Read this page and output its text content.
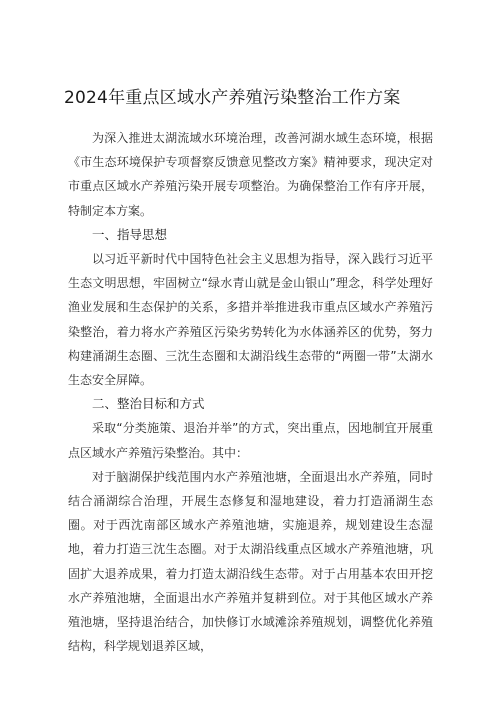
2024年重点区域水产养殖污染整治工作方案

为深入推进太湖流域水环境治理，改善河湖水域生态环境，根据《市生态环境保护专项督察反馈意见整改方案》精神要求，现决定对市重点区域水产养殖污染开展专项整治。为确保整治工作有序开展，特制定本方案。

一、指导思想

以习近平新时代中国特色社会主义思想为指导，深入践行习近平生态文明思想，牢固树立“绿水青山就是金山银山”理念，科学处理好渔业发展和生态保护的关系，多措并举推进我市重点区域水产养殖污染整治，着力将水产养殖区污染劣势转化为水体涵养区的优势，努力构建涌湖生态圈、三沈生态圈和太湖沿线生态带的“两圈一带”太湖水生态安全屏障。

二、整治目标和方式

采取“分类施策、退治并举”的方式，突出重点，因地制宜开展重点区域水产养殖污染整治。其中：

对于脑湖保护线范围内水产养殖池塘，全面退出水产养殖，同时结合涌湖综合治理，开展生态修复和湿地建设，着力打造涌湖生态圈。对于西沈南部区域水产养殖池塘，实施退养，规划建设生态湿地，着力打造三沈生态圈。对于太湖沿线重点区域水产养殖池塘，巩固扩大退养成果，着力打造太湖沿线生态带。对于占用基本农田开挖水产养殖池塘，全面退出水产养殖并复耕到位。对于其他区域水产养殖池塘，坚持退治结合，加快修订水域滩涂养殖规划，调整优化养殖结构，科学规划退养区域，
